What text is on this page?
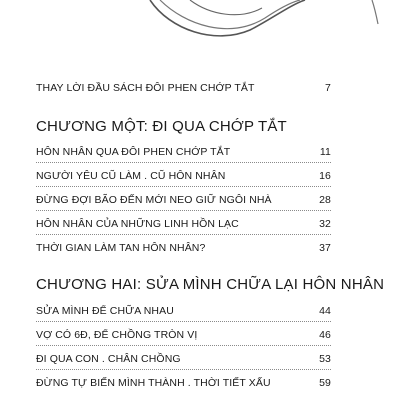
THAY LỜI ĐẦU SÁCH ĐÔI PHEN CHỚP TẮT	7
CHƯƠNG MỘT: ĐI QUA CHỚP TẮT
HÔN NHÂN QUA ĐÔI PHEN CHỚP TẮT	11
NGƯỜI YÊU CŨ LÀM . CŨ HÔN NHÂN	16
ĐỪNG ĐỢI BÃO ĐẾN MỚI NEO GIỮ NGÔI NHÀ	28
HÔN NHÂN CỦA NHỮNG LINH HỒN LẠC	32
THỜI GIAN LÀM TAN HÔN NHÂN?	37
CHƯƠNG HAI: SỬA MÌNH CHỮA LẠI HÔN NHÂN
SỬA MÌNH ĐỂ CHỮA NHAU	44
VỢ CÓ 6Đ, ĐỂ CHỒNG TRÒN VỊ	46
ĐI QUA CON . CHÂN CHỒNG	53
ĐỪNG TỰ BIẾN MÌNH THÀNH . THỜI TIẾT XẤU	59
